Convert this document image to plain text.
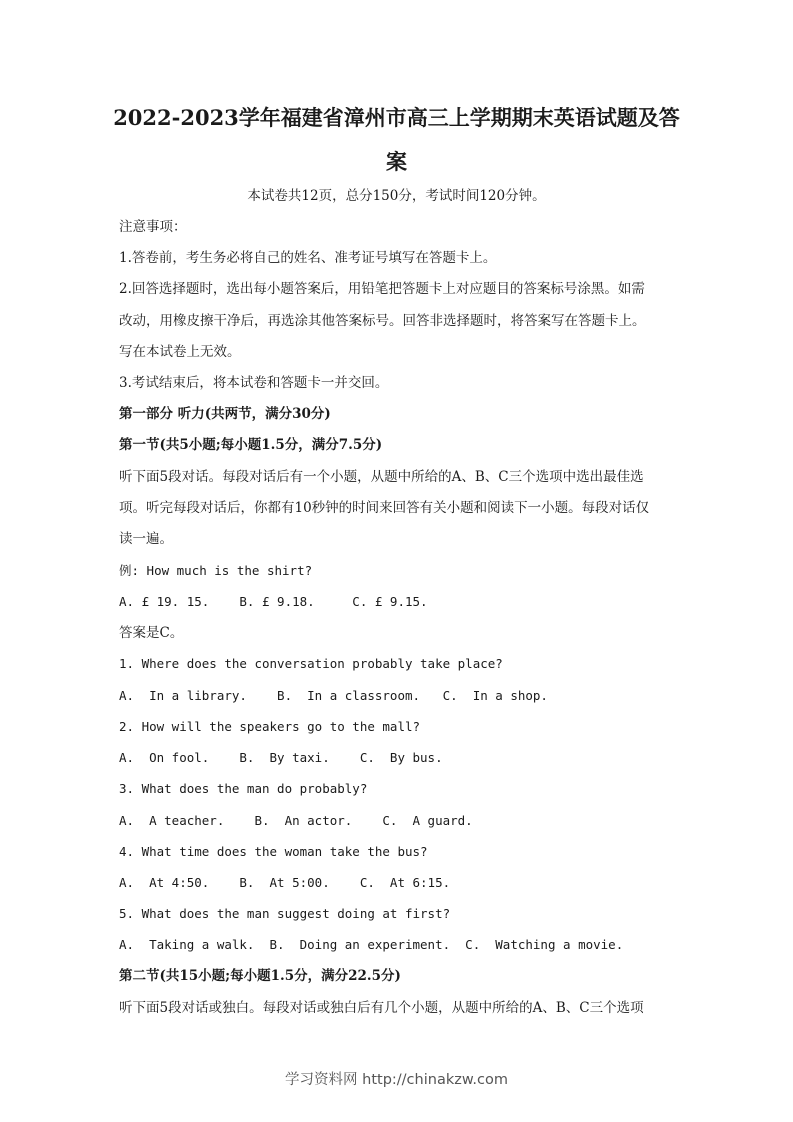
2022-2023学年福建省漳州市高三上学期期末英语试题及答
案
本试卷共12页，总分150分，考试时间120分钟。
注意事项：
1.答卷前，考生务必将自己的姓名、准考证号填写在答题卡上。
2.回答选择题时，选出每小题答案后，用铅笔把答题卡上对应题目的答案标号涂黑。如需
改动，用橡皮擦干净后，再选涂其他答案标号。回答非选择题时，将答案写在答题卡上。
写在本试卷上无效。
3.考试结束后，将本试卷和答题卡一并交回。
第一部分 听力(共两节，满分30分)
第一节(共5小题;每小题1.5分，满分7.5分)
听下面5段对话。每段对话后有一个小题，从题中所给的A、B、C三个选项中选出最佳选
项。听完每段对话后，你都有10秒钟的时间来回答有关小题和阅读下一小题。每段对话仅
读一遍。
例: How much is the shirt?
A. £ 19. 15.    B. £ 9.18.     C. £ 9.15.
答案是C。
1. Where does the conversation probably take place?
A.  In a library.    B.  In a classroom.   C.  In a shop.
2. How will the speakers go to the mall?
A.  On fool.    B.  By taxi.    C.  By bus.
3. What does the man do probably?
A.  A teacher.    B.  An actor.    C.  A guard.
4. What time does the woman take the bus?
A.  At 4:50.    B.  At 5:00.    C.  At 6:15.
5. What does the man suggest doing at first?
A.  Taking a walk.  B.  Doing an experiment.  C.  Watching a movie.
第二节(共15小题;每小题1.5分，满分22.5分)
听下面5段对话或独白。每段对话或独白后有几个小题，从题中所给的A、B、C三个选项
学习资料网 http://chinakzw.com
